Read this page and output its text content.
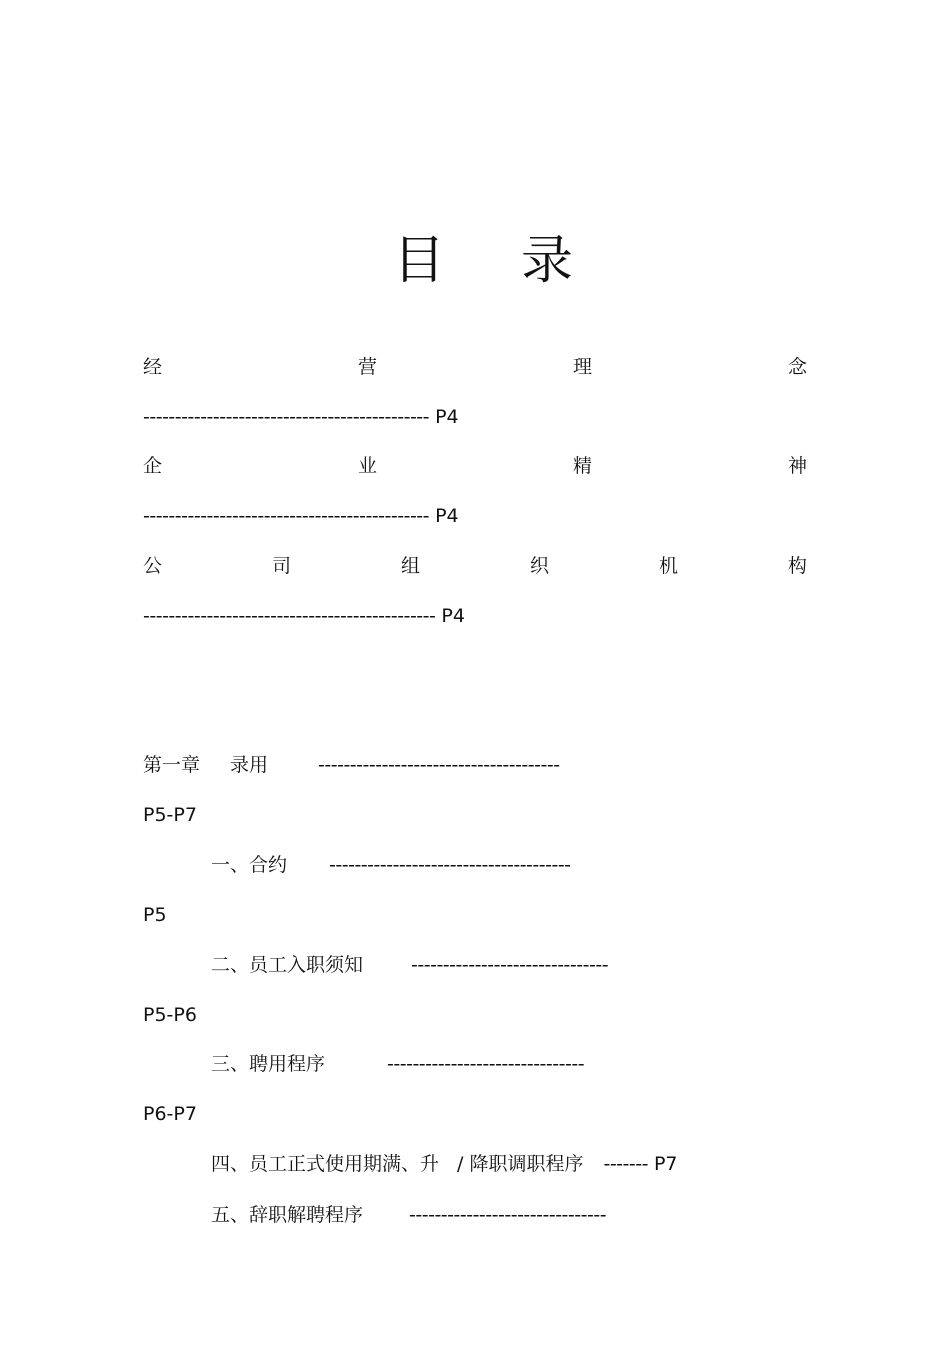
目 录
经	营	理	念
--------------------------------------------- P4
企	业	精	神
--------------------------------------------- P4
公	司	组	织	机	构
---------------------------------------------- P4
第一章 录用	--------------------------------------
P5-P7
一、合约 --------------------------------------
P5
二、员工入职须知	-------------------------------
P5-P6
三、聘用程序	-------------------------------
P6-P7
四、员工正式使用期满、升 / 降职调职程序 ------- P7
五、辞职解聘程序 -------------------------------
